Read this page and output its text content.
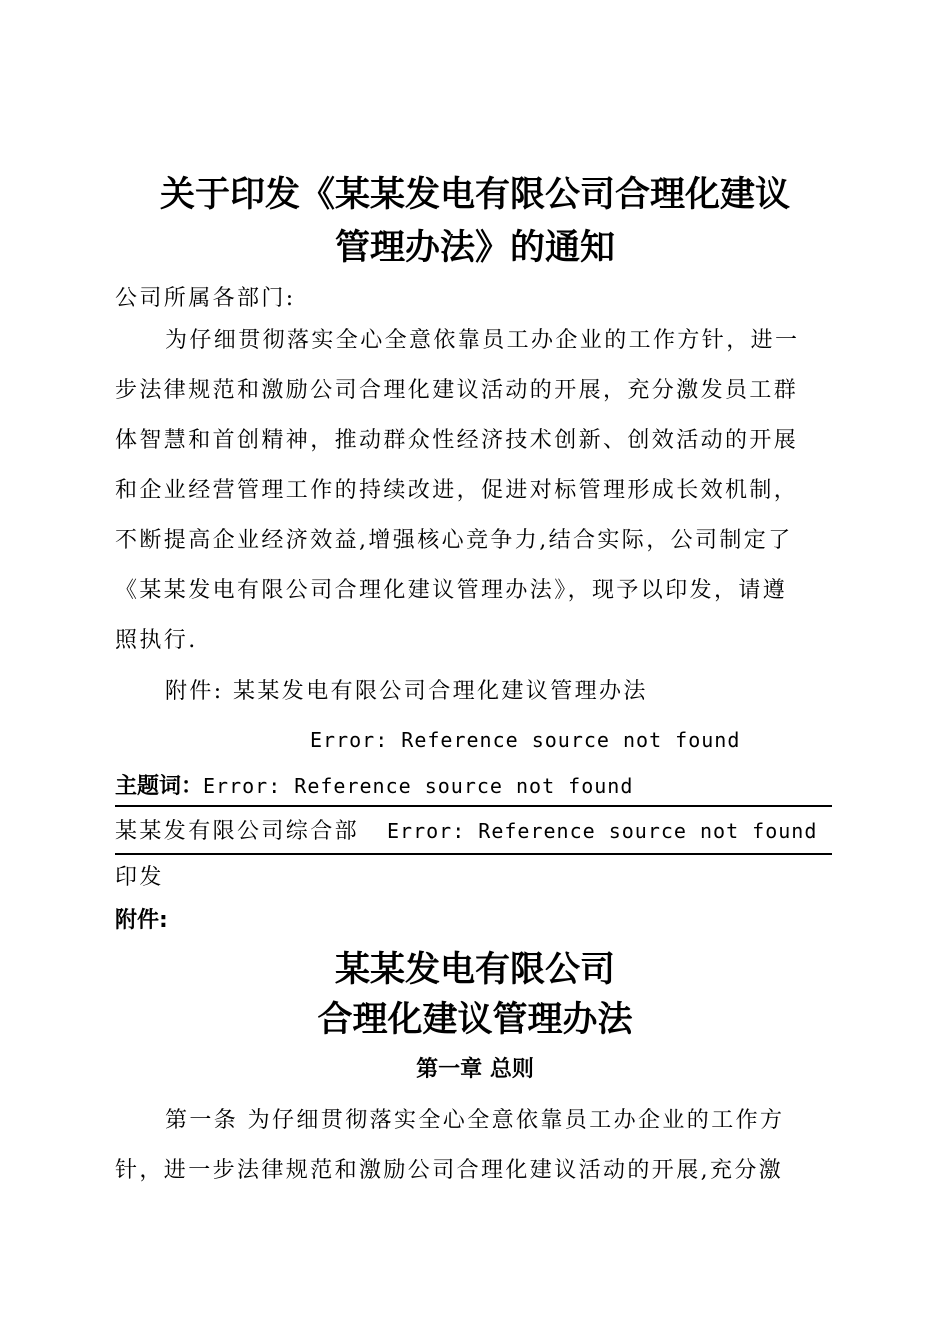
关于印发《某某发电有限公司合理化建议
管理办法》的通知
公司所属各部门:
为仔细贯彻落实全心全意依靠员工办企业的工作方针，进一
步法律规范和激励公司合理化建议活动的开展，充分激发员工群
体智慧和首创精神，推动群众性经济技术创新、创效活动的开展
和企业经营管理工作的持续改进，促进对标管理形成长效机制，
不断提高企业经济效益,增强核心竞争力,结合实际，公司制定了
《某某发电有限公司合理化建议管理办法》，现予以印发，请遵
照执行.
附件: 某某发电有限公司合理化建议管理办法
Error: Reference source not found
主题词：Error: Reference source not found
某某发有限公司综合部 Error: Reference source not found
印发
附件:
某某发电有限公司
合理化建议管理办法
第一章 总则
第一条 为仔细贯彻落实全心全意依靠员工办企业的工作方
针，进一步法律规范和激励公司合理化建议活动的开展,充分激
